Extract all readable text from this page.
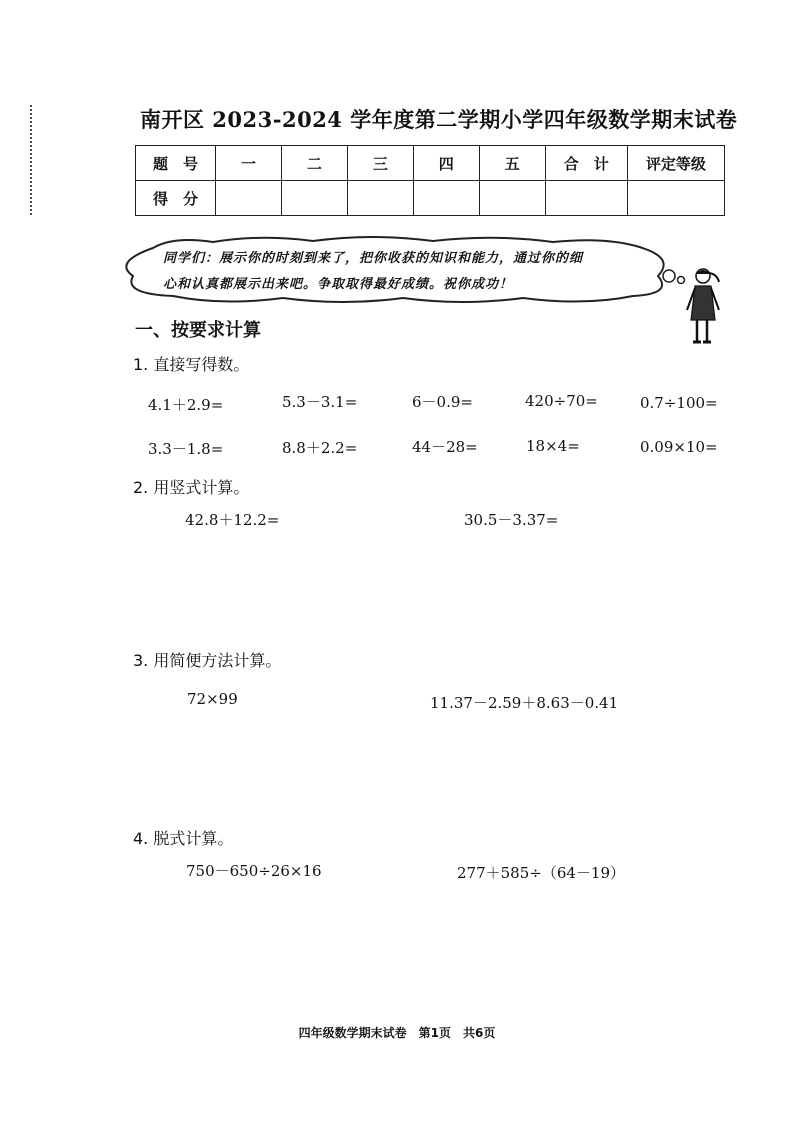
南开区 2023-2024 学年度第二学期小学四年级数学期末试卷
题　号	一	二	三	四	五	合　计	评定等级
得　分							
同学们：展示你的时刻到来了，把你收获的知识和能力，通过你的细
心和认真都展示出来吧。争取取得最好成绩。祝你成功！
一、按要求计算
1. 直接写得数。
4.1＋2.9=	5.3－3.1=	6－0.9=	420÷70=	0.7÷100=
3.3－1.8=	8.8＋2.2=	44－28=	18×4=	0.09×10=
2. 用竖式计算。
42.8＋12.2=	30.5－3.37=
3. 用简便方法计算。
72×99	11.37－2.59＋8.63－0.41
4. 脱式计算。
750－650÷26×16	277＋585÷（64－19）
四年级数学期末试卷　第1页　共6页
